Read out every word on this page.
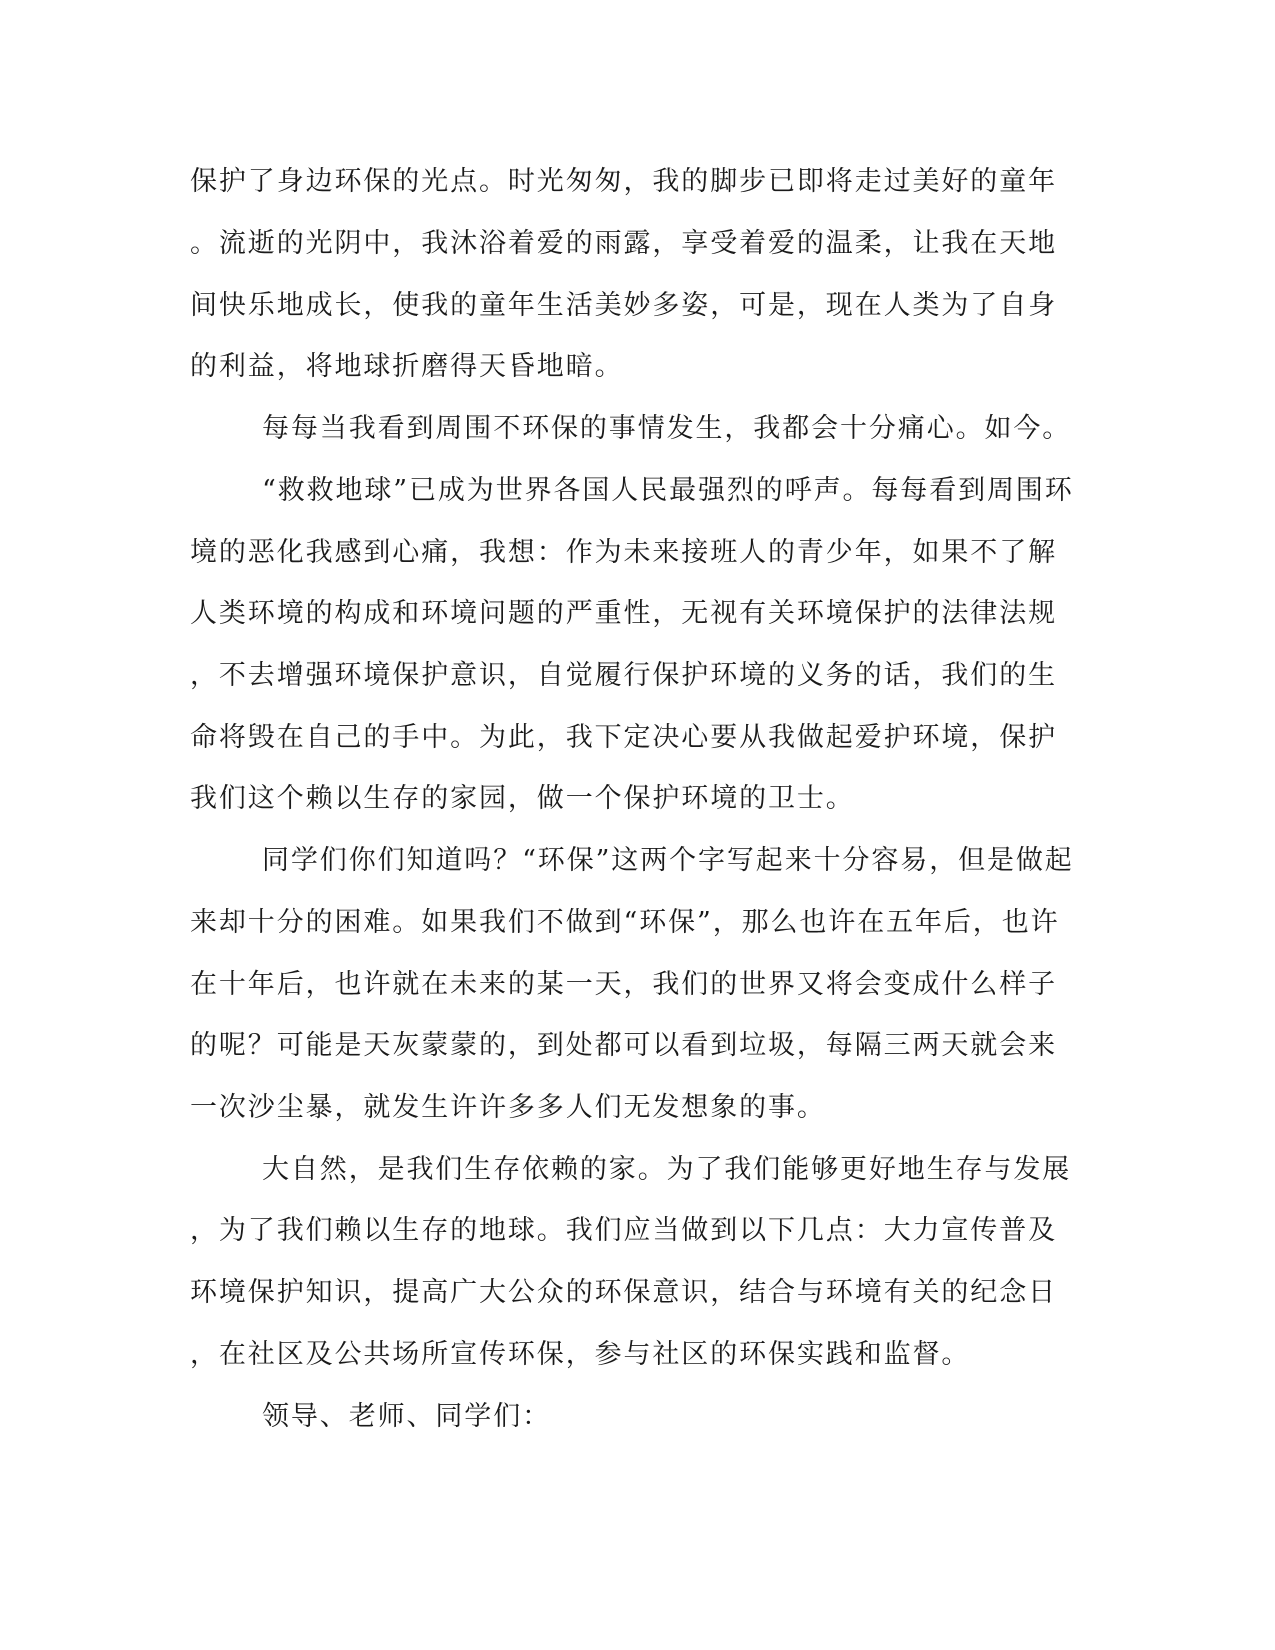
保护了身边环保的光点。时光匆匆，我的脚步已即将走过美好的童年
。流逝的光阴中，我沐浴着爱的雨露，享受着爱的温柔，让我在天地
间快乐地成长，使我的童年生活美妙多姿，可是，现在人类为了自身
的利益，将地球折磨得天昏地暗。
每每当我看到周围不环保的事情发生，我都会十分痛心。如今。
“救救地球”已成为世界各国人民最强烈的呼声。每每看到周围环
境的恶化我感到心痛，我想：作为未来接班人的青少年，如果不了解
人类环境的构成和环境问题的严重性，无视有关环境保护的法律法规
，不去增强环境保护意识，自觉履行保护环境的义务的话，我们的生
命将毁在自己的手中。为此，我下定决心要从我做起爱护环境，保护
我们这个赖以生存的家园，做一个保护环境的卫士。
同学们你们知道吗？“环保”这两个字写起来十分容易，但是做起
来却十分的困难。如果我们不做到“环保”，那么也许在五年后，也许
在十年后，也许就在未来的某一天，我们的世界又将会变成什么样子
的呢？可能是天灰蒙蒙的，到处都可以看到垃圾，每隔三两天就会来
一次沙尘暴，就发生许许多多人们无发想象的事。
大自然，是我们生存依赖的家。为了我们能够更好地生存与发展
，为了我们赖以生存的地球。我们应当做到以下几点：大力宣传普及
环境保护知识，提高广大公众的环保意识，结合与环境有关的纪念日
，在社区及公共场所宣传环保，参与社区的环保实践和监督。
领导、老师、同学们：
